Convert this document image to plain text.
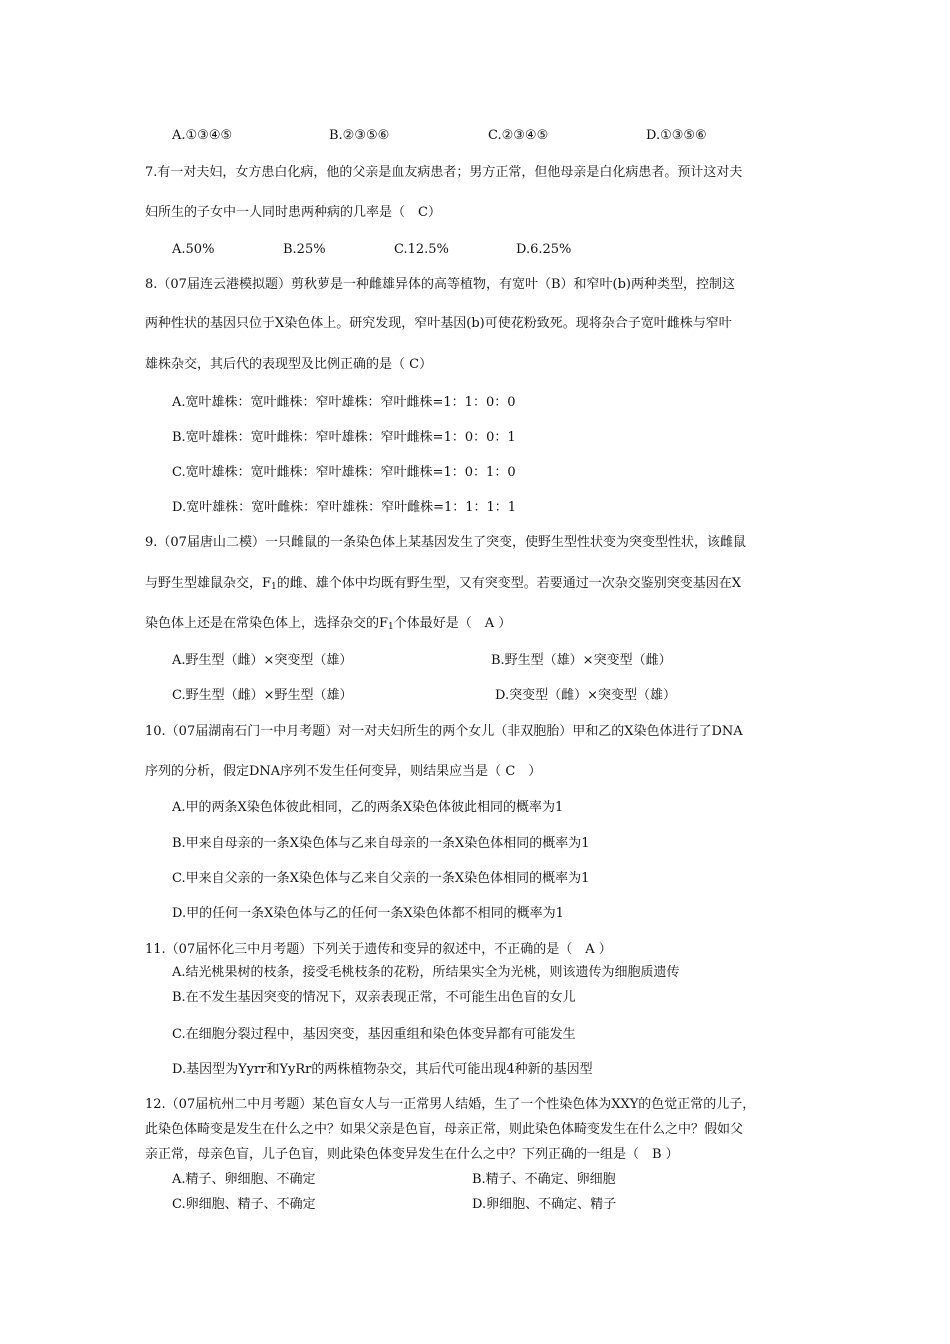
A.①③④⑤	B.②③⑤⑥	C.②③④⑤	D.①③⑤⑥
7.有一对夫妇，女方患白化病，他的父亲是血友病患者；男方正常，但他母亲是白化病患者。预计这对夫
妇所生的子女中一人同时患两种病的几率是（　C）
A.50%	B.25%	C.12.5%	D.6.25%
8.（07届连云港模拟题）剪秋萝是一种雌雄异体的高等植物，有宽叶（B）和窄叶(b)两种类型，控制这
两种性状的基因只位于X染色体上。研究发现，窄叶基因(b)可使花粉致死。现将杂合子宽叶雌株与窄叶
雄株杂交，其后代的表现型及比例正确的是（ C）
A.宽叶雄株：宽叶雌株：窄叶雄株：窄叶雌株=1：1：0：0
B.宽叶雄株：宽叶雌株：窄叶雄株：窄叶雌株=1：0：0：1
C.宽叶雄株：宽叶雌株：窄叶雄株：窄叶雌株=1：0：1：0
D.宽叶雄株：宽叶雌株：窄叶雄株：窄叶雌株=1：1：1：1
9.（07届唐山二模）一只雌鼠的一条染色体上某基因发生了突变，使野生型性状变为突变型性状，该雌鼠
与野生型雄鼠杂交，$F_1$的雌、雄个体中均既有野生型，又有突变型。若要通过一次杂交鉴别突变基因在X
染色体上还是在常染色体上，选择杂交的$F_1$个体最好是（　A ）
A.野生型（雌）×突变型（雄）	B.野生型（雄）×突变型（雌）
C.野生型（雌）×野生型（雄）	D.突变型（雌）×突变型（雄）
10.（07届湖南石门一中月考题）对一对夫妇所生的两个女儿（非双胞胎）甲和乙的X染色体进行了DNA
序列的分析，假定DNA序列不发生任何变异，则结果应当是（ C　）
A.甲的两条X染色体彼此相同，乙的两条X染色体彼此相同的概率为1
B.甲来自母亲的一条X染色体与乙来自母亲的一条X染色体相同的概率为1
C.甲来自父亲的一条X染色体与乙来自父亲的一条X染色体相同的概率为1
D.甲的任何一条X染色体与乙的任何一条X染色体都不相同的概率为1
11.（07届怀化三中月考题）下列关于遗传和变异的叙述中，不正确的是（　A ）
A.结光桃果树的枝条，接受毛桃枝条的花粉，所结果实全为光桃，则该遗传为细胞质遗传
B.在不发生基因突变的情况下，双亲表现正常，不可能生出色盲的女儿
C.在细胞分裂过程中，基因突变，基因重组和染色体变异都有可能发生
D.基因型为Yyrr和YyRr的两株植物杂交，其后代可能出现4种新的基因型
12.（07届杭州二中月考题）某色盲女人与一正常男人结婚，生了一个性染色体为XXY的色觉正常的儿子，
此染色体畸变是发生在什么之中？如果父亲是色盲，母亲正常，则此染色体畸变发生在什么之中？假如父
亲正常，母亲色盲，儿子色盲，则此染色体变异发生在什么之中？下列正确的一组是（　B ）
A.精子、卵细胞、不确定	B.精子、不确定、卵细胞
C.卵细胞、精子、不确定	D.卵细胞、不确定、精子
